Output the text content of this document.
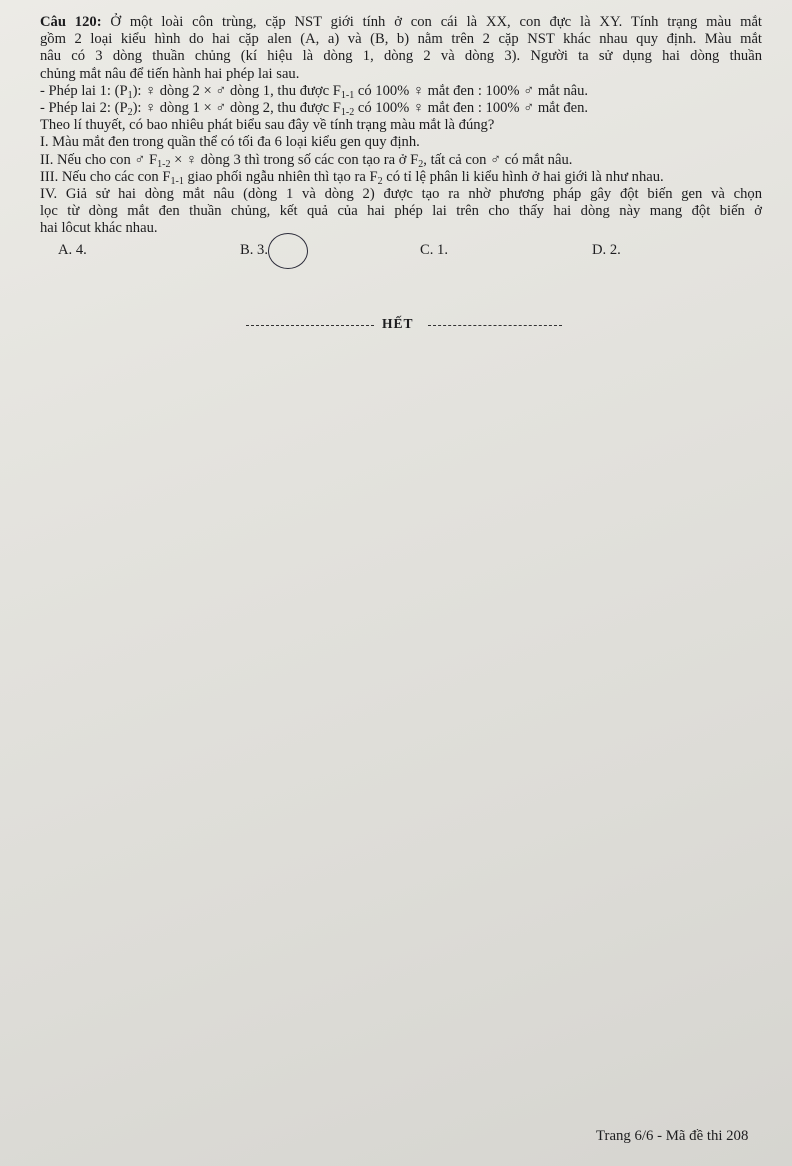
Câu 120: Ở một loài côn trùng, cặp NST giới tính ở con cái là XX, con đực là XY. Tính trạng màu mắt
gồm 2 loại kiểu hình do hai cặp alen (A, a) và (B, b) nằm trên 2 cặp NST khác nhau quy định. Màu mắt
nâu có 3 dòng thuần chủng (kí hiệu là dòng 1, dòng 2 và dòng 3). Người ta sử dụng hai dòng thuần
chủng mắt nâu để tiến hành hai phép lai sau.
- Phép lai 1: $(P_1)$: ♀ dòng 2 × ♂ dòng 1, thu được $F_{1-1}$ có 100% ♀ mắt đen : 100% ♂ mắt nâu.
- Phép lai 2: $(P_2)$: ♀ dòng 1 × ♂ dòng 2, thu được $F_{1-2}$ có 100% ♀ mắt đen : 100% ♂ mắt đen.
Theo lí thuyết, có bao nhiêu phát biểu sau đây về tính trạng màu mắt là đúng?
I. Màu mắt đen trong quần thể có tối đa 6 loại kiểu gen quy định.
II. Nếu cho con ♂ $F_{1-2}$ × ♀ dòng 3 thì trong số các con tạo ra ở $F_2$, tất cả con ♂ có mắt nâu.
III. Nếu cho các con $F_{1-1}$ giao phối ngẫu nhiên thì tạo ra $F_2$ có tỉ lệ phân li kiểu hình ở hai giới là như nhau.
IV. Giả sử hai dòng mắt nâu (dòng 1 và dòng 2) được tạo ra nhờ phương pháp gây đột biến gen và chọn
lọc từ dòng mắt đen thuần chủng, kết quả của hai phép lai trên cho thấy hai dòng này mang đột biến ở
hai lôcut khác nhau.
A. 4.	B. 3.	C. 1.	D. 2.
HẾT
Trang 6/6 - Mã đề thi 208
